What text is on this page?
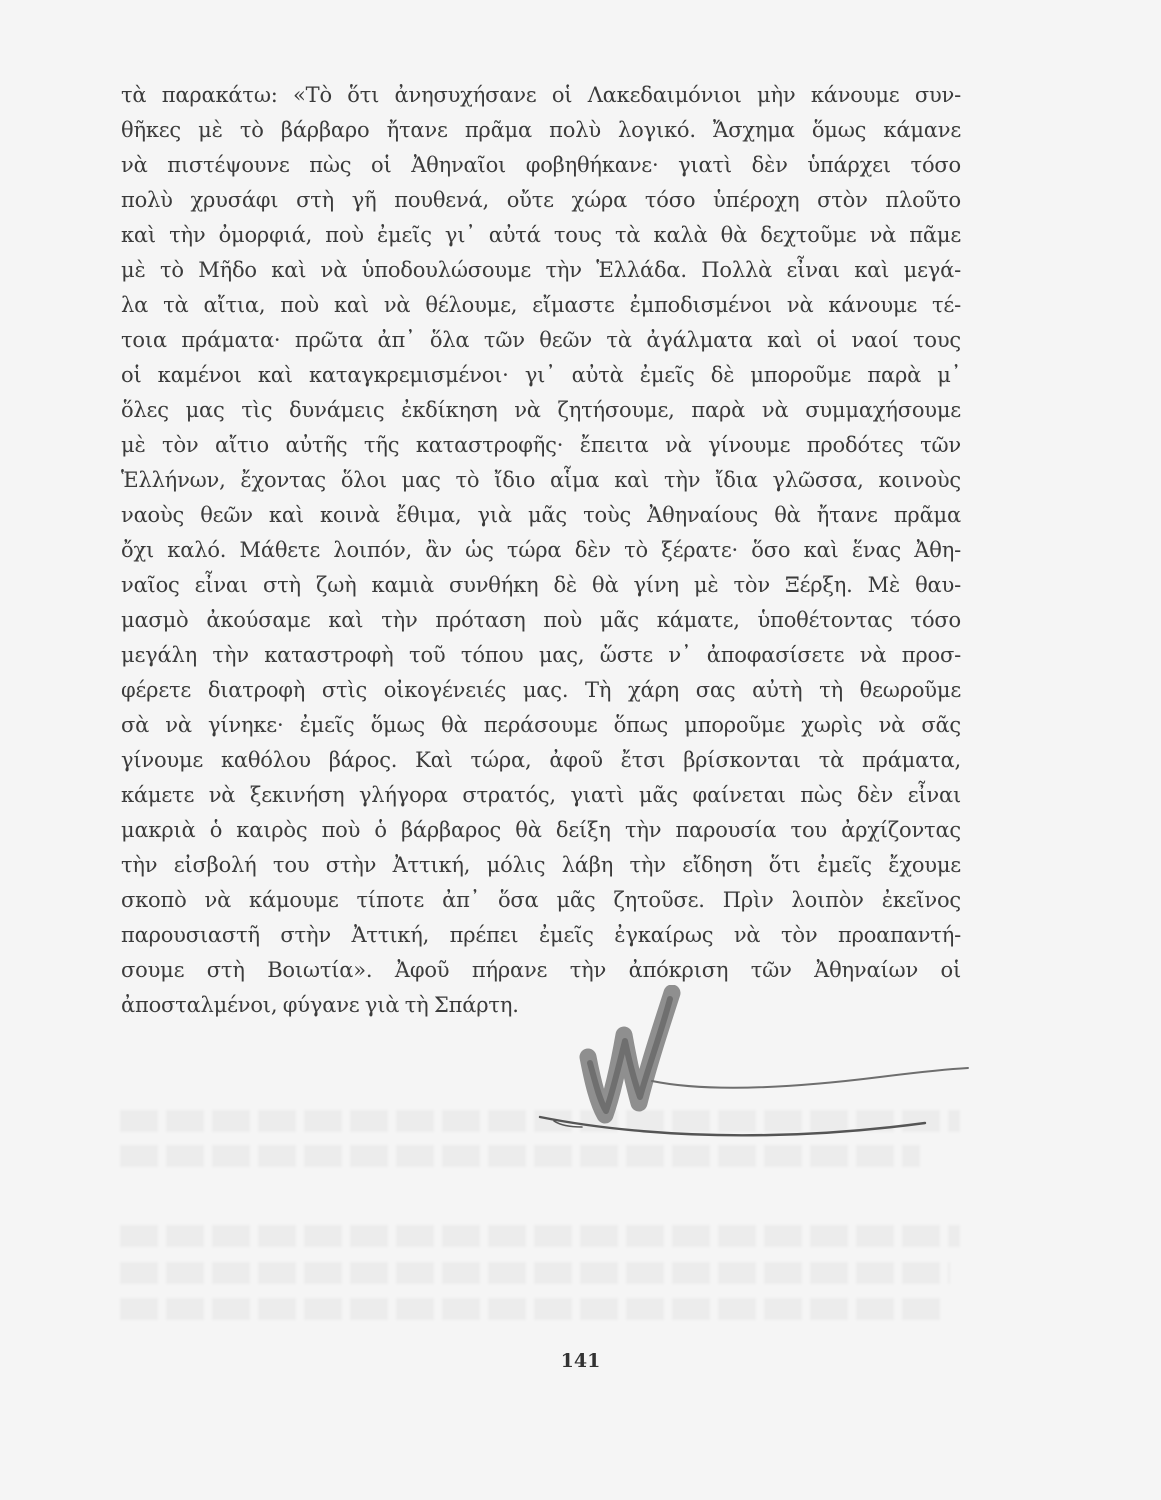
τὰ παρακάτω: «Τὸ ὅτι ἀνησυχήσανε οἱ Λακεδαιμόνιοι μὴν κάνουμε συν-
θῆκες μὲ τὸ βάρβαρο ἤτανε πρᾶμα πολὺ λογικό. Ἄσχημα ὅμως κάμανε
νὰ πιστέψουνε πὼς οἱ Ἀθηναῖοι φοβηθήκανε· γιατὶ δὲν ὑπάρχει τόσο
πολὺ χρυσάφι στὴ γῆ πουθενά, οὔτε χώρα τόσο ὑπέροχη στὸν πλοῦτο
καὶ τὴν ὀμορφιά, ποὺ ἐμεῖς γι᾽ αὐτά τους τὰ καλὰ θὰ δεχτοῦμε νὰ πᾶμε
μὲ τὸ Μῆδο καὶ νὰ ὑποδουλώσουμε τὴν Ἑλλάδα. Πολλὰ εἶναι καὶ μεγά-
λα τὰ αἴτια, ποὺ καὶ νὰ θέλουμε, εἴμαστε ἐμποδισμένοι νὰ κάνουμε τέ-
τοια πράματα· πρῶτα ἀπ᾽ ὅλα τῶν θεῶν τὰ ἀγάλματα καὶ οἱ ναοί τους
οἱ καμένοι καὶ καταγκρεμισμένοι· γι᾽ αὐτὰ ἐμεῖς δὲ μποροῦμε παρὰ μ᾽
ὅλες μας τὶς δυνάμεις ἐκδίκηση νὰ ζητήσουμε, παρὰ νὰ συμμαχήσουμε
μὲ τὸν αἴτιο αὐτῆς τῆς καταστροφῆς· ἔπειτα νὰ γίνουμε προδότες τῶν
Ἑλλήνων, ἔχοντας ὅλοι μας τὸ ἴδιο αἷμα καὶ τὴν ἴδια γλῶσσα, κοινοὺς
ναοὺς θεῶν καὶ κοινὰ ἔθιμα, γιὰ μᾶς τοὺς Ἀθηναίους θὰ ἤτανε πρᾶμα
ὄχι καλό. Μάθετε λοιπόν, ἂν ὡς τώρα δὲν τὸ ξέρατε· ὅσο καὶ ἕνας Ἀθη-
ναῖος εἶναι στὴ ζωὴ καμιὰ συνθήκη δὲ θὰ γίνη μὲ τὸν Ξέρξη. Μὲ θαυ-
μασμὸ ἀκούσαμε καὶ τὴν πρόταση ποὺ μᾶς κάματε, ὑποθέτοντας τόσο
μεγάλη τὴν καταστροφὴ τοῦ τόπου μας, ὥστε ν᾽ ἀποφασίσετε νὰ προσ-
φέρετε διατροφὴ στὶς οἰκογένειές μας. Τὴ χάρη σας αὐτὴ τὴ θεωροῦμε
σὰ νὰ γίνηκε· ἐμεῖς ὅμως θὰ περάσουμε ὅπως μποροῦμε χωρὶς νὰ σᾶς
γίνουμε καθόλου βάρος. Καὶ τώρα, ἀφοῦ ἔτσι βρίσκονται τὰ πράματα,
κάμετε νὰ ξεκινήση γλήγορα στρατός, γιατὶ μᾶς φαίνεται πὼς δὲν εἶναι
μακριὰ ὁ καιρὸς ποὺ ὁ βάρβαρος θὰ δείξη τὴν παρουσία του ἀρχίζοντας
τὴν εἰσβολή του στὴν Ἀττική, μόλις λάβη τὴν εἴδηση ὅτι ἐμεῖς ἔχουμε
σκοπὸ νὰ κάμουμε τίποτε ἀπ᾽ ὅσα μᾶς ζητοῦσε. Πρὶν λοιπὸν ἐκεῖνος
παρουσιαστῆ στὴν Ἀττική, πρέπει ἐμεῖς ἐγκαίρως νὰ τὸν προαπαντή-
σουμε στὴ Βοιωτία». Ἀφοῦ πήρανε τὴν ἀπόκριση τῶν Ἀθηναίων οἱ
ἀποσταλμένοι, φύγανε γιὰ τὴ Σπάρτη.
141
